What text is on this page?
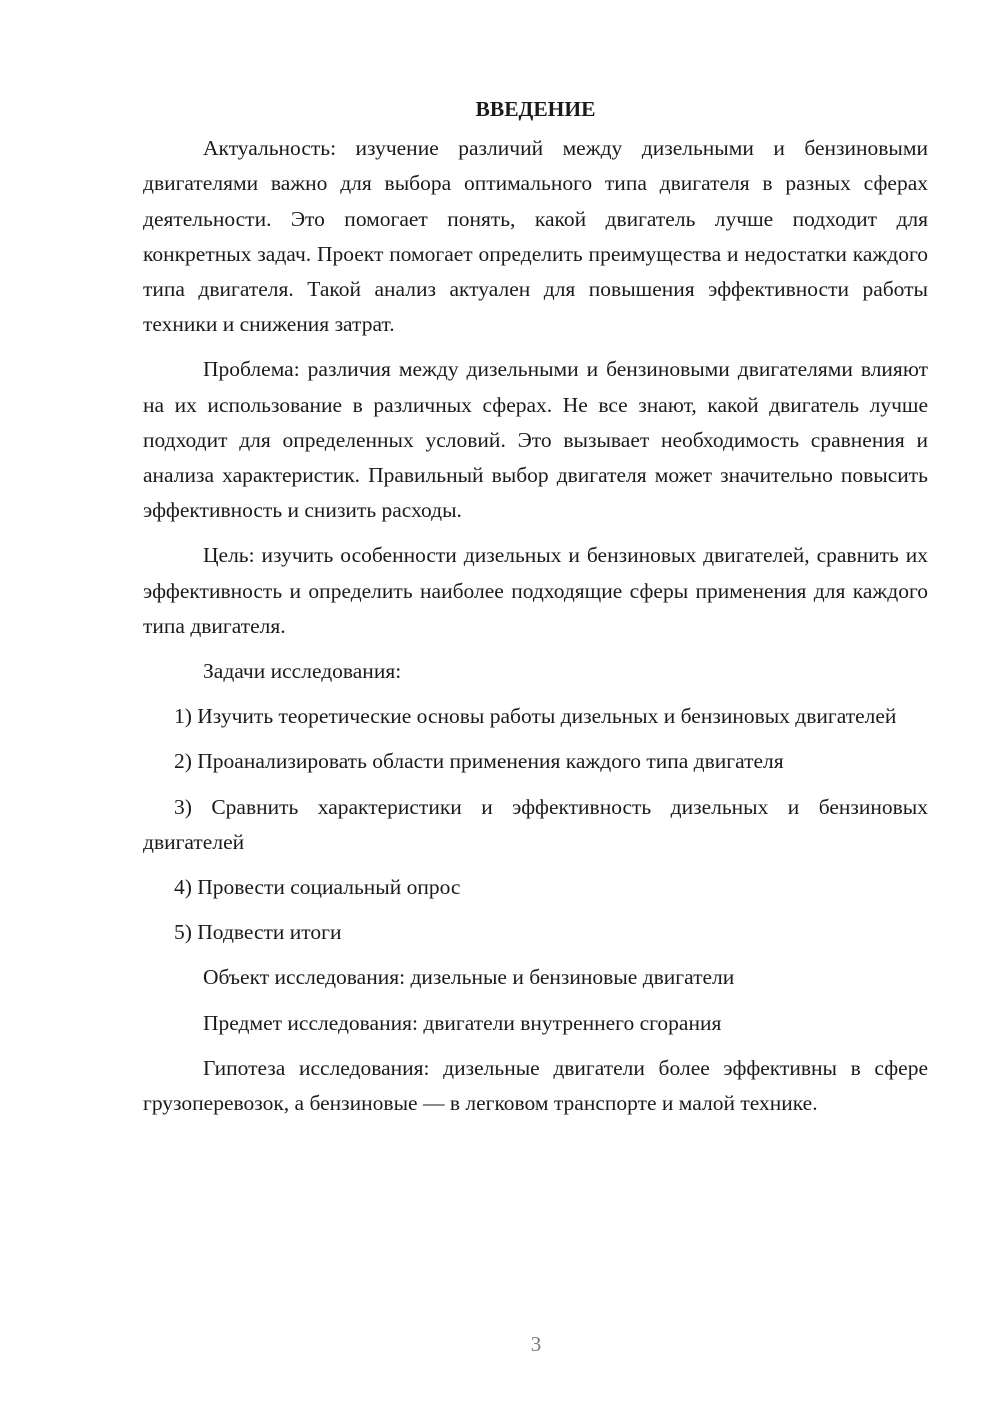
ВВЕДЕНИЕ

Актуальность: изучение различий между дизельными и бензиновыми двигателями важно для выбора оптимального типа двигателя в разных сферах деятельности. Это помогает понять, какой двигатель лучше подходит для конкретных задач. Проект помогает определить преимущества и недостатки каждого типа двигателя. Такой анализ актуален для повышения эффективности работы техники и снижения затрат.

Проблема: различия между дизельными и бензиновыми двигателями влияют на их использование в различных сферах. Не все знают, какой двигатель лучше подходит для определенных условий. Это вызывает необходимость сравнения и анализа характеристик. Правильный выбор двигателя может значительно повысить эффективность и снизить расходы.

Цель: изучить особенности дизельных и бензиновых двигателей, сравнить их эффективность и определить наиболее подходящие сферы применения для каждого типа двигателя.

Задачи исследования:

1) Изучить теоретические основы работы дизельных и бензиновых двигателей

2) Проанализировать области применения каждого типа двигателя

3) Сравнить характеристики и эффективность дизельных и бензиновых двигателей

4) Провести социальный опрос

5) Подвести итоги

Объект исследования: дизельные и бензиновые двигатели

Предмет исследования: двигатели внутреннего сгорания

Гипотеза исследования: дизельные двигатели более эффективны в сфере грузоперевозок, а бензиновые — в легковом транспорте и малой технике.

3
